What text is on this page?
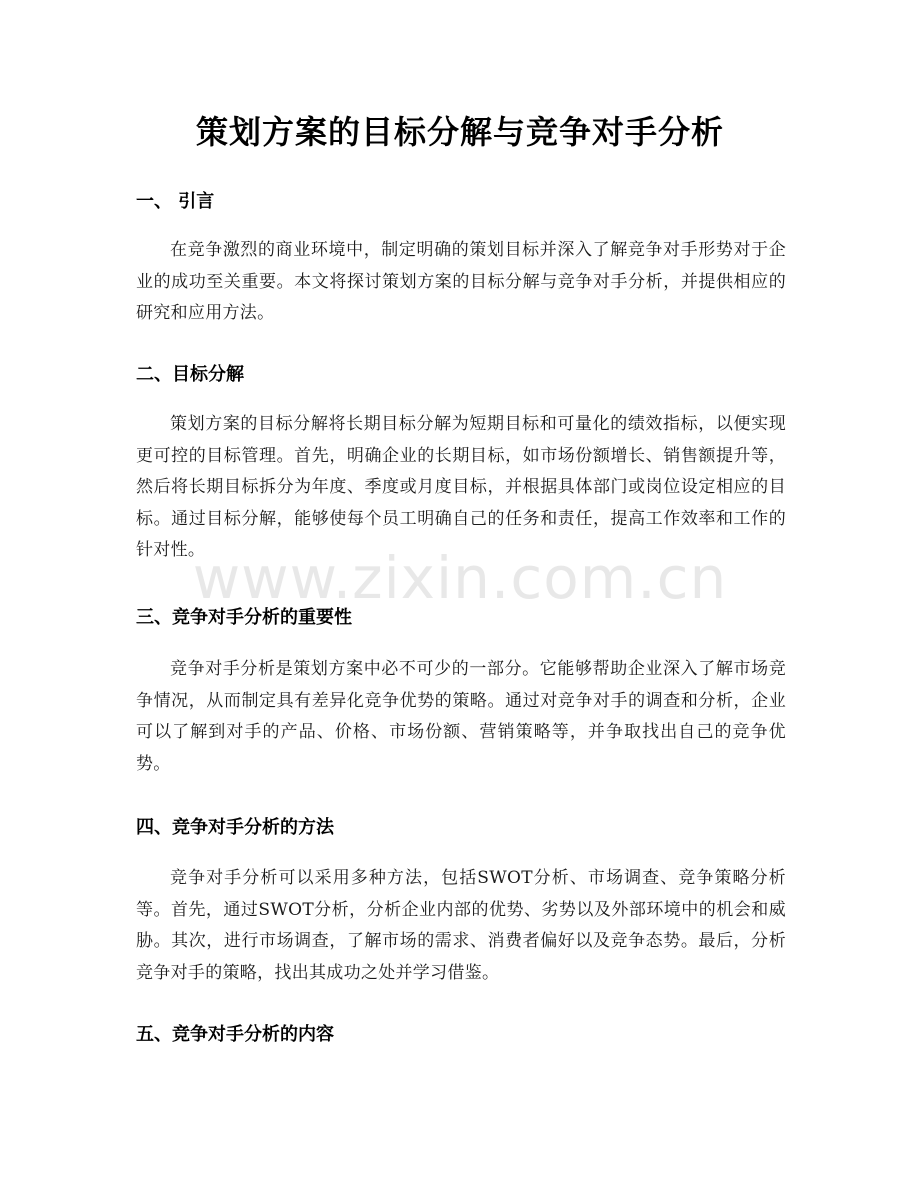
策划方案的目标分解与竞争对手分析
一、 引言

在竞争激烈的商业环境中，制定明确的策划目标并深入了解竞争对手形势对于企业的成功至关重要。本文将探讨策划方案的目标分解与竞争对手分析，并提供相应的研究和应用方法。

二、目标分解

策划方案的目标分解将长期目标分解为短期目标和可量化的绩效指标，以便实现更可控的目标管理。首先，明确企业的长期目标，如市场份额增长、销售额提升等，然后将长期目标拆分为年度、季度或月度目标，并根据具体部门或岗位设定相应的目标。通过目标分解，能够使每个员工明确自己的任务和责任，提高工作效率和工作的针对性。

三、竞争对手分析的重要性

竞争对手分析是策划方案中必不可少的一部分。它能够帮助企业深入了解市场竞争情况，从而制定具有差异化竞争优势的策略。通过对竞争对手的调查和分析，企业可以了解到对手的产品、价格、市场份额、营销策略等，并争取找出自己的竞争优势。

四、竞争对手分析的方法

竞争对手分析可以采用多种方法，包括SWOT分析、市场调查、竞争策略分析等。首先，通过SWOT分析，分析企业内部的优势、劣势以及外部环境中的机会和威胁。其次，进行市场调查，了解市场的需求、消费者偏好以及竞争态势。最后，分析竞争对手的策略，找出其成功之处并学习借鉴。

五、竞争对手分析的内容
www.zixin.com.cn
